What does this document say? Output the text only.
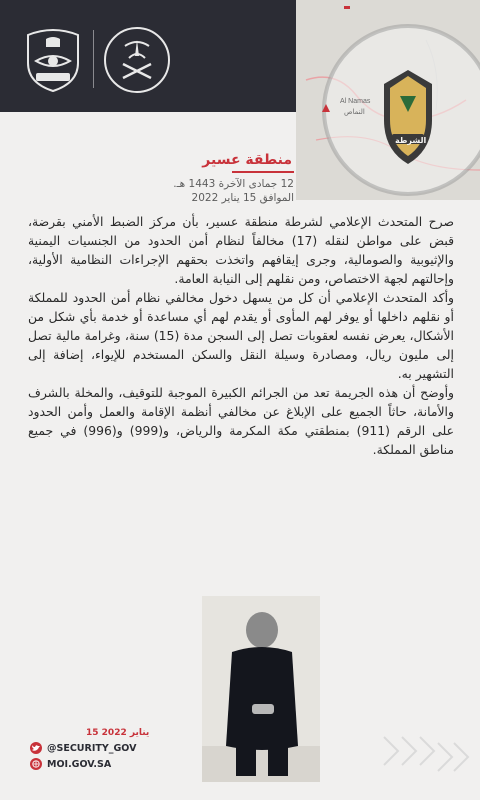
Al Namas
النماص
الشرطة
منطقة عسير
12 جمادى الآخرة 1443 هـ.
الموافق 15 يناير 2022

صرح المتحدث الإعلامي لشرطة منطقة عسير، بأن مركز الضبط الأمني بقرضة، قبض على مواطن لنقله (17) مخالفاً لنظام أمن الحدود من الجنسيات اليمنية والإثيوبية والصومالية، وجرى إيقافهم واتخذت بحقهم الإجراءات النظامية الأولية، وإحالتهم لجهة الاختصاص، ومن نقلهم إلى النيابة العامة.

وأكد المتحدث الإعلامي أن كل من يسهل دخول مخالفي نظام أمن الحدود للمملكة أو نقلهم داخلها أو يوفر لهم المأوى أو يقدم لهم أي مساعدة أو خدمة بأي شكل من الأشكال، يعرض نفسه لعقوبات تصل إلى السجن مدة (15) سنة، وغرامة مالية تصل إلى مليون ريال، ومصادرة وسيلة النقل والسكن المستخدم للإيواء، إضافة إلى التشهير به.

وأوضح أن هذه الجريمة تعد من الجرائم الكبيرة الموجبة للتوقيف، والمخلة بالشرف والأمانة، حاثاً الجميع على الإبلاغ عن مخالفي أنظمة الإقامة والعمل وأمن الحدود على الرقم (911) بمنطقتي مكة المكرمة والرياض، و(999) و(996) في جميع مناطق المملكة.

15 يناير 2022
@SECURITY_GOV
MOI.GOV.SA
